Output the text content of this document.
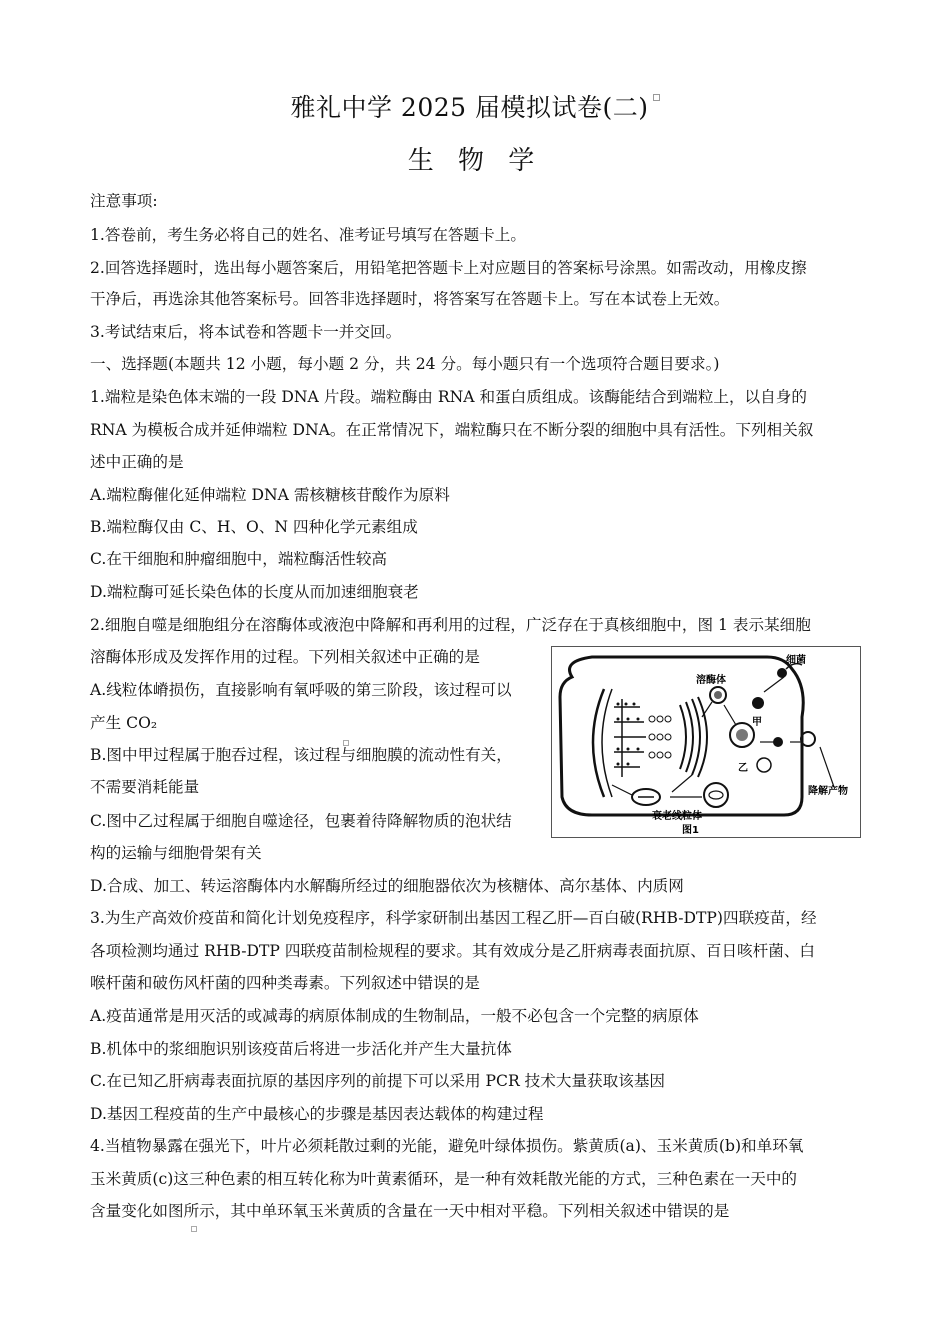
雅礼中学 2025 届模拟试卷(二)
生 物 学
注意事项:
1.答卷前，考生务必将自己的姓名、准考证号填写在答题卡上。
2.回答选择题时，选出每小题答案后，用铅笔把答题卡上对应题目的答案标号涂黑。如需改动，用橡皮擦
干净后，再选涂其他答案标号。回答非选择题时，将答案写在答题卡上。写在本试卷上无效。
3.考试结束后，将本试卷和答题卡一并交回。
一、选择题(本题共 12 小题，每小题 2 分，共 24 分。每小题只有一个选项符合题目要求。)
1.端粒是染色体末端的一段 DNA 片段。端粒酶由 RNA 和蛋白质组成。该酶能结合到端粒上，以自身的
RNA 为模板合成并延伸端粒 DNA。在正常情况下，端粒酶只在不断分裂的细胞中具有活性。下列相关叙
述中正确的是
A.端粒酶催化延伸端粒 DNA 需核糖核苷酸作为原料
B.端粒酶仅由 C、H、O、N 四种化学元素组成
C.在干细胞和肿瘤细胞中，端粒酶活性较高
D.端粒酶可延长染色体的长度从而加速细胞衰老
2.细胞自噬是细胞组分在溶酶体或液泡中降解和再利用的过程，广泛存在于真核细胞中，图 1 表示某细胞
溶酶体形成及发挥作用的过程。下列相关叙述中正确的是
A.线粒体嵴损伤，直接影响有氧呼吸的第三阶段，该过程可以
产生 CO₂
B.图中甲过程属于胞吞过程，该过程与细胞膜的流动性有关，
不需要消耗能量
C.图中乙过程属于细胞自噬途径，包裹着待降解物质的泡状结
构的运输与细胞骨架有关
D.合成、加工、转运溶酶体内水解酶所经过的细胞器依次为核糖体、高尔基体、内质网
细菌
溶酶体
甲
乙
降解产物
衰老线粒体
图1
3.为生产高效价疫苗和简化计划免疫程序，科学家研制出基因工程乙肝—百白破(RHB-DTP)四联疫苗，经
各项检测均通过 RHB-DTP 四联疫苗制检规程的要求。其有效成分是乙肝病毒表面抗原、百日咳杆菌、白
喉杆菌和破伤风杆菌的四种类毒素。下列叙述中错误的是
A.疫苗通常是用灭活的或减毒的病原体制成的生物制品，一般不必包含一个完整的病原体
B.机体中的浆细胞识别该疫苗后将进一步活化并产生大量抗体
C.在已知乙肝病毒表面抗原的基因序列的前提下可以采用 PCR 技术大量获取该基因
D.基因工程疫苗的生产中最核心的步骤是基因表达载体的构建过程
4.当植物暴露在强光下，叶片必须耗散过剩的光能，避免叶绿体损伤。紫黄质(a)、玉米黄质(b)和单环氧
玉米黄质(c)这三种色素的相互转化称为叶黄素循环，是一种有效耗散光能的方式，三种色素在一天中的
含量变化如图所示，其中单环氧玉米黄质的含量在一天中相对平稳。下列相关叙述中错误的是
